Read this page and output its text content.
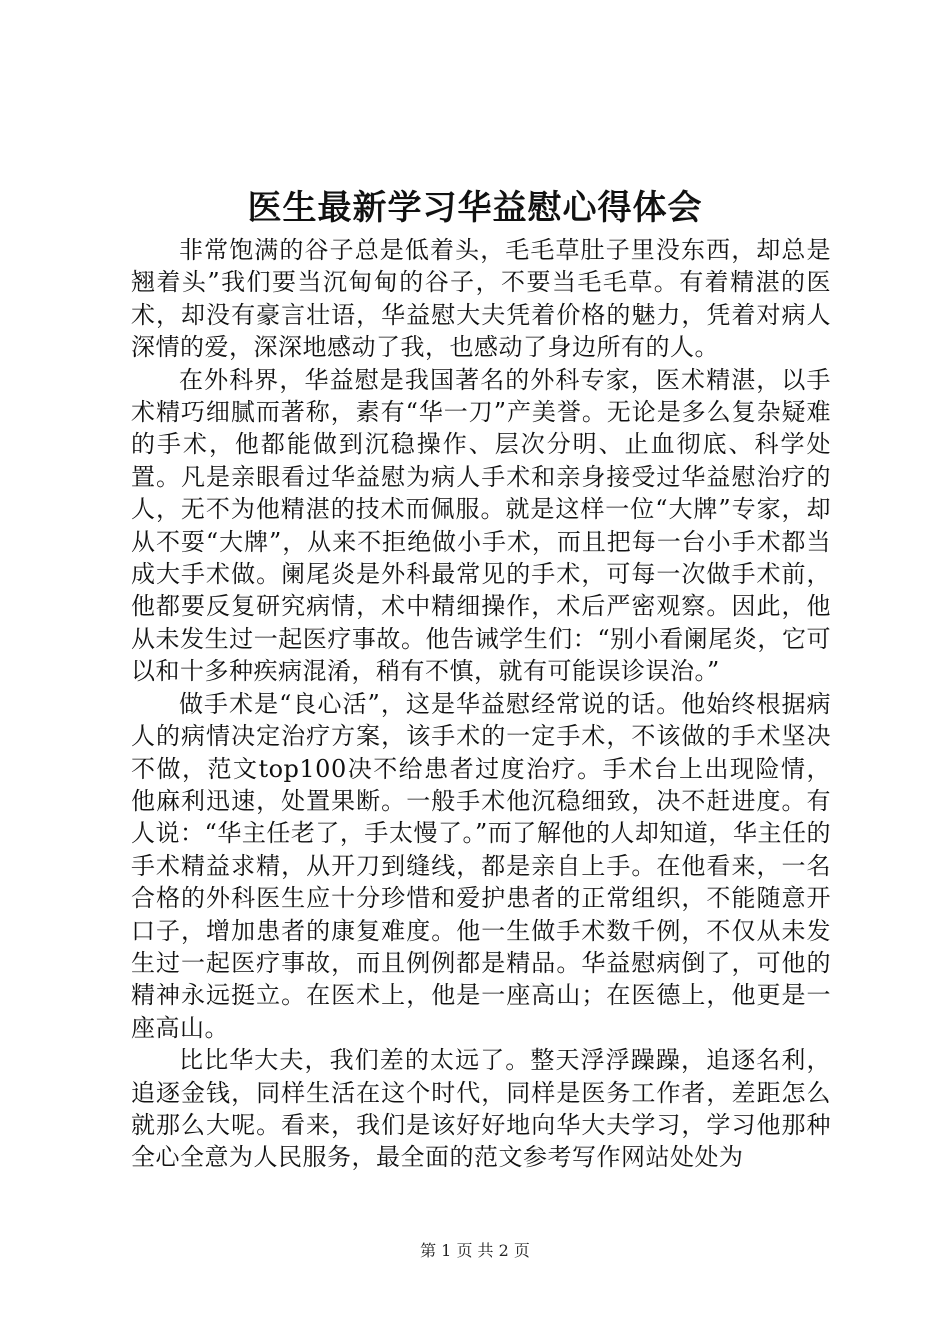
医生最新学习华益慰心得体会

非常饱满的谷子总是低着头，毛毛草肚子里没东西，却总是翘着头”我们要当沉甸甸的谷子，不要当毛毛草。有着精湛的医术，却没有豪言壮语，华益慰大夫凭着价格的魅力，凭着对病人深情的爱，深深地感动了我，也感动了身边所有的人。

在外科界，华益慰是我国著名的外科专家，医术精湛，以手术精巧细腻而著称，素有“华一刀”产美誉。无论是多么复杂疑难的手术，他都能做到沉稳操作、层次分明、止血彻底、科学处置。凡是亲眼看过华益慰为病人手术和亲身接受过华益慰治疗的人，无不为他精湛的技术而佩服。就是这样一位“大牌”专家，却从不耍“大牌”，从来不拒绝做小手术，而且把每一台小手术都当成大手术做。阑尾炎是外科最常见的手术，可每一次做手术前，他都要反复研究病情，术中精细操作，术后严密观察。因此，他从未发生过一起医疗事故。他告诫学生们：“别小看阑尾炎，它可以和十多种疾病混淆，稍有不慎，就有可能误诊误治。”

做手术是“良心活”，这是华益慰经常说的话。他始终根据病人的病情决定治疗方案，该手术的一定手术，不该做的手术坚决不做，范文top100决不给患者过度治疗。手术台上出现险情，他麻利迅速，处置果断。一般手术他沉稳细致，决不赶进度。有人说：“华主任老了，手太慢了。”而了解他的人却知道，华主任的手术精益求精，从开刀到缝线，都是亲自上手。在他看来，一名合格的外科医生应十分珍惜和爱护患者的正常组织，不能随意开口子，增加患者的康复难度。他一生做手术数千例，不仅从未发生过一起医疗事故，而且例例都是精品。华益慰病倒了，可他的精神永远挺立。在医术上，他是一座高山；在医德上，他更是一座高山。

比比华大夫，我们差的太远了。整天浮浮躁躁，追逐名利，追逐金钱，同样生活在这个时代，同样是医务工作者，差距怎么就那么大呢。看来，我们是该好好地向华大夫学习，学习他那种全心全意为人民服务，最全面的范文参考写作网站处处为

第 1 页 共 2 页
